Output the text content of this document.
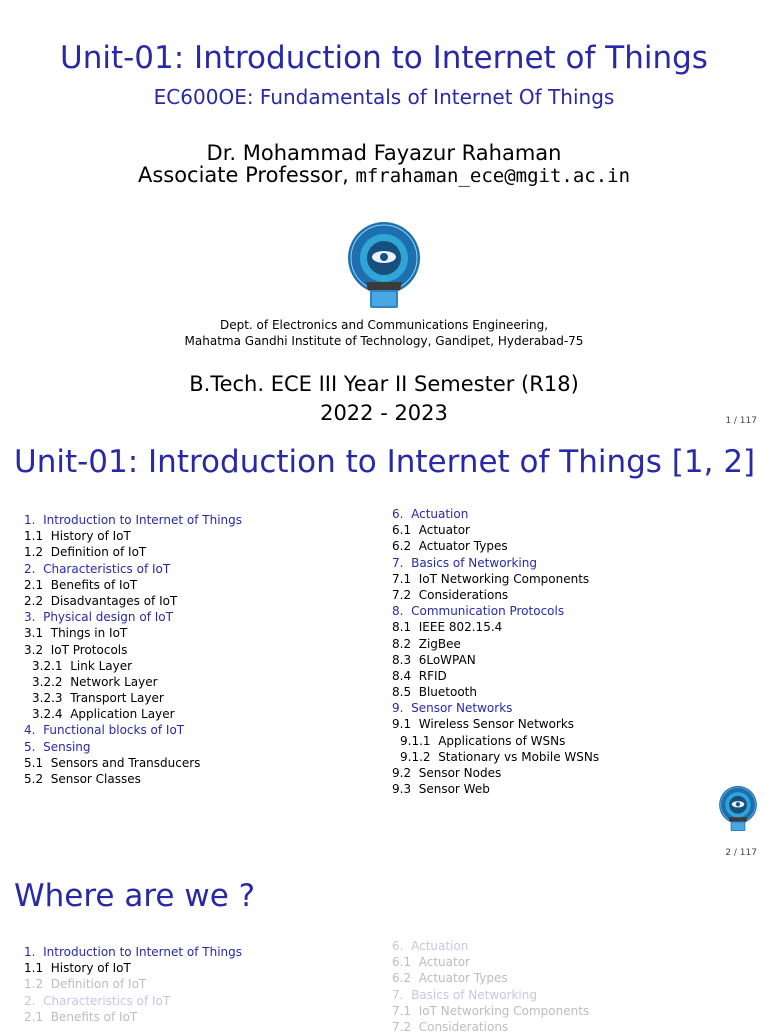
Unit-01: Introduction to Internet of Things
EC600OE: Fundamentals of Internet Of Things
Dr. Mohammad Fayazur Rahaman
Associate Professor, mfrahaman_ece@mgit.ac.in
Dept. of Electronics and Communications Engineering,
Mahatma Gandhi Institute of Technology, Gandipet, Hyderabad-75
B.Tech. ECE III Year II Semester (R18)
2022 - 2023	1 / 117
Unit-01: Introduction to Internet of Things [1, 2]
1. Introduction to Internet of Things
1.1 History of IoT
1.2 Definition of IoT
2. Characteristics of IoT
2.1 Benefits of IoT
2.2 Disadvantages of IoT
3. Physical design of IoT
3.1 Things in IoT
3.2 IoT Protocols
3.2.1 Link Layer
3.2.2 Network Layer
3.2.3 Transport Layer
3.2.4 Application Layer
4. Functional blocks of IoT
5. Sensing
5.1 Sensors and Transducers
5.2 Sensor Classes
6. Actuation
6.1 Actuator
6.2 Actuator Types
7. Basics of Networking
7.1 IoT Networking Components
7.2 Considerations
8. Communication Protocols
8.1 IEEE 802.15.4
8.2 ZigBee
8.3 6LoWPAN
8.4 RFID
8.5 Bluetooth
9. Sensor Networks
9.1 Wireless Sensor Networks
9.1.1 Applications of WSNs
9.1.2 Stationary vs Mobile WSNs
9.2 Sensor Nodes
9.3 Sensor Web
2 / 117
Where are we ?
1. Introduction to Internet of Things
1.1 History of IoT
1.2 Definition of IoT
2. Characteristics of IoT
2.1 Benefits of IoT
6. Actuation
6.1 Actuator
6.2 Actuator Types
7. Basics of Networking
7.1 IoT Networking Components
7.2 Considerations
